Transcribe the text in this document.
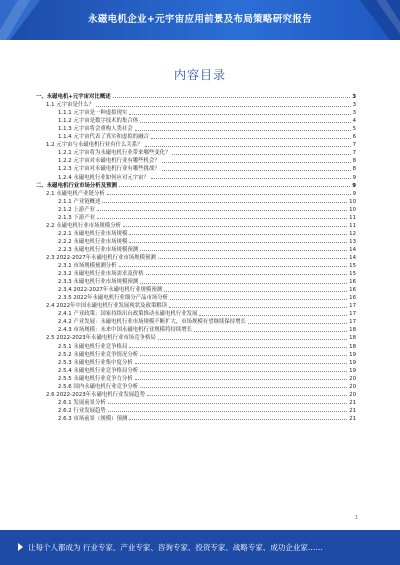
永磁电机企业+元宇宙应用前景及布局策略研究报告
内容目录
一、永磁电机+元宇宙对比概述	3
1.1 元宇宙是什么？	3
1.1.1 元宇宙是一种虚拟现实	3
1.1.2 元宇宙是数字技术的集合体	4
1.1.3 元宇宙将会重构人类社会	5
1.1.4 元宇宙代表了真实和虚拟的融合	6
1.2 元宇宙与永磁电机行业有什么关系？	7
1.2.1 元宇宙将为永磁电机行业带来哪些变化？	7
1.2.2 元宇宙对永磁电机行业有哪些机会？	8
1.2.3 元宇宙对永磁电机行业有哪些挑战？	8
1.2.4 永磁电机行业如何应对元宇宙？	9
二、永磁电机行业市场分析及预测	9
2.1 永磁电机产业链分析	9
2.1.1 产业链概述	10
2.1.2 上游产业	10
2.1.3 下游产业	11
2.2 永磁电机行业市场规模分析	11
2.2.1 永磁电机行业市场规模	12
2.2.2 永磁电机行业市场规模	13
2.2.3 永磁电机行业市场规模预测	14
2.3 2022-2027年永磁电机行业市场规模预测	14
2.3.1 市场规模预测分析	15
2.3.2 永磁电机行业市场需求及价格	15
2.3.3 永磁电机行业市场规模预测	16
2.3.4 2022-2027年永磁电机行业规模预测	16
2.3.5 2022年永磁电机行业细分产品市场分析	16
2.4 2022年中国永磁电机行业发展现状及政策解读	17
2.4.1 产业政策：国家持续出台政策推动永磁电机行业发展	17
2.4.2 产业发展：永磁电机行业市场规模不断扩大，市场规模有望继续保持增长	17
2.4.3 市场规模：未来中国永磁电机行业规模将持续增长	18
2.5 2022-2023年永磁电机行业市场竞争格局	18
2.5.1 永磁电机行业竞争格局	18
2.5.2 永磁电机行业竞争情况分析	19
2.5.3 永磁电机行业集中度分析	19
2.5.4 永磁电机行业竞争格局分析	19
2.5.5 永磁电机行业竞争力分析	20
2.5.6 国内永磁电机行业竞争分析	20
2.6 2022-2023年永磁电机行业发展趋势	20
2.6.1 发展前景分析	21
2.6.2 行业发展趋势	21
2.6.3 市场前景（规模）预测	21
1
让每个人都成为 行业专家、产业专家、咨询专家、投资专家、战略专家、成功企业家……
